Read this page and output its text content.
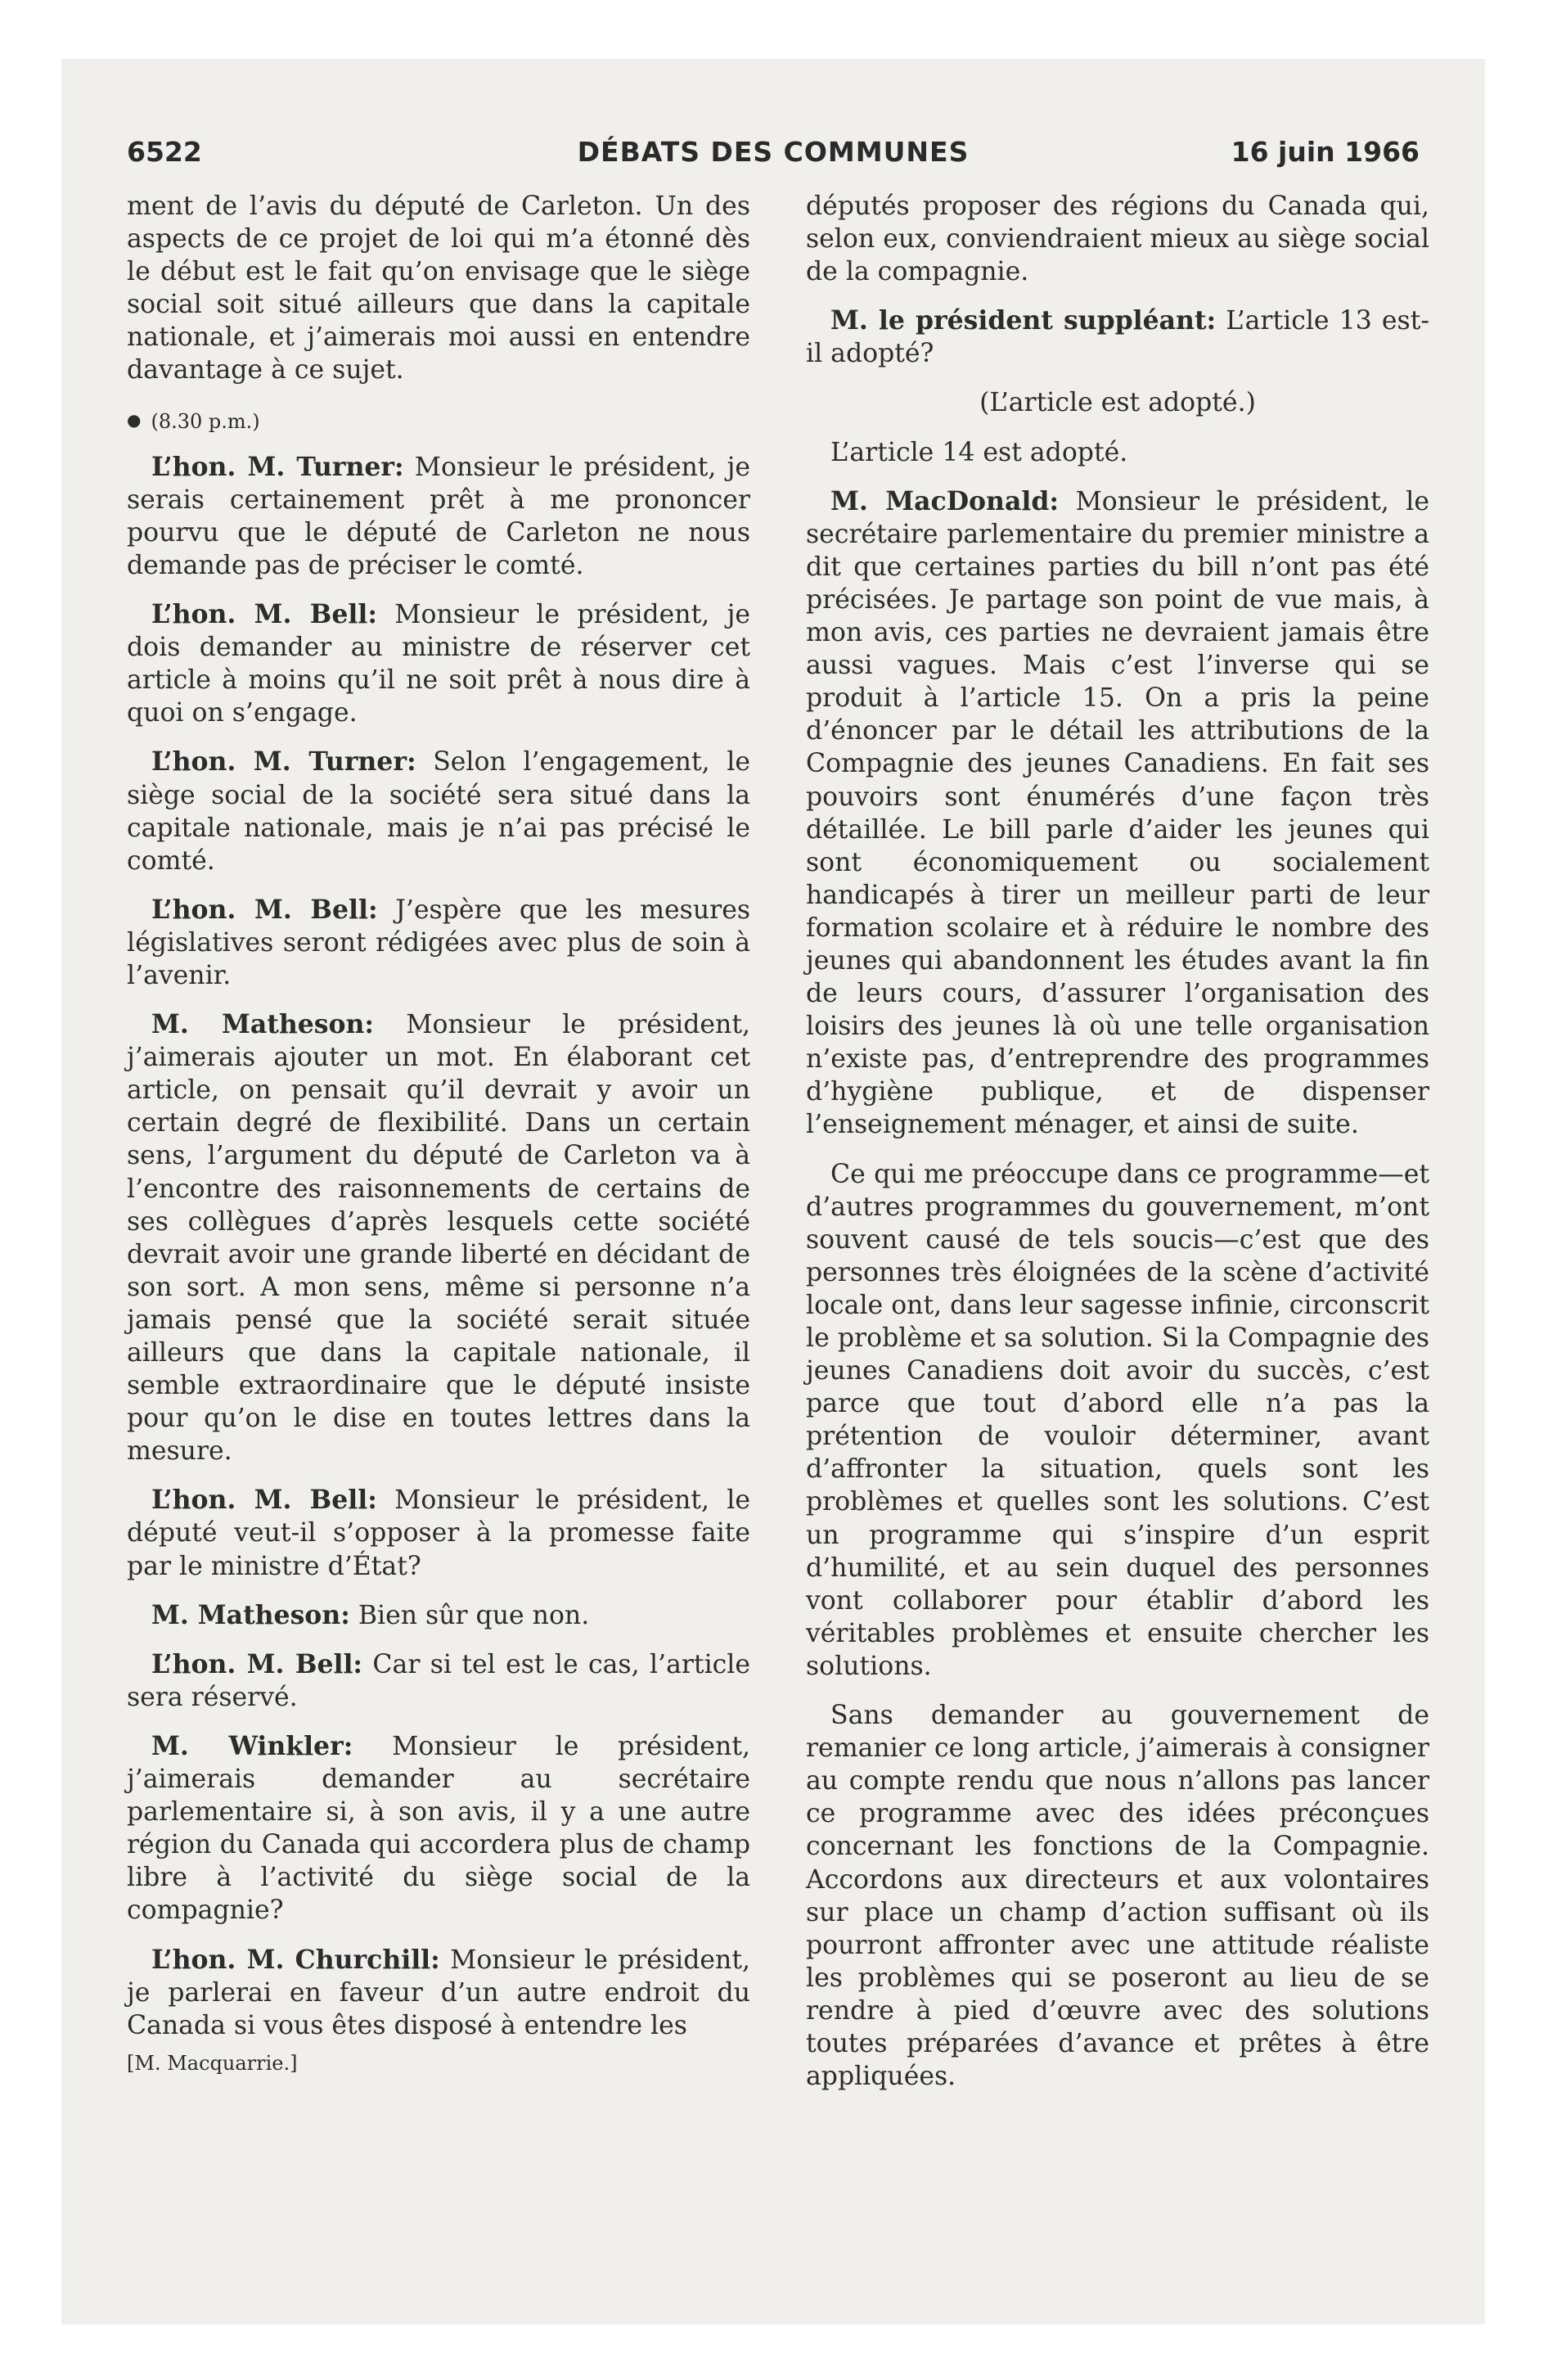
6522	DÉBATS DES COMMUNES	16 juin 1966

ment de l’avis du député de Carleton. Un des aspects de ce projet de loi qui m’a étonné dès le début est le fait qu’on envisage que le siège social soit situé ailleurs que dans la capitale nationale, et j’aimerais moi aussi en entendre davantage à ce sujet.

● (8.30 p.m.)

L’hon. M. Turner: Monsieur le président, je serais certainement prêt à me prononcer pourvu que le député de Carleton ne nous demande pas de préciser le comté.

L’hon. M. Bell: Monsieur le président, je dois demander au ministre de réserver cet article à moins qu’il ne soit prêt à nous dire à quoi on s’engage.

L’hon. M. Turner: Selon l’engagement, le siège social de la société sera situé dans la capitale nationale, mais je n’ai pas précisé le comté.

L’hon. M. Bell: J’espère que les mesures législatives seront rédigées avec plus de soin à l’avenir.

M. Matheson: Monsieur le président, j’aimerais ajouter un mot. En élaborant cet article, on pensait qu’il devrait y avoir un certain degré de flexibilité. Dans un certain sens, l’argument du député de Carleton va à l’encontre des raisonnements de certains de ses collègues d’après lesquels cette société devrait avoir une grande liberté en décidant de son sort. A mon sens, même si personne n’a jamais pensé que la société serait située ailleurs que dans la capitale nationale, il semble extraordinaire que le député insiste pour qu’on le dise en toutes lettres dans la mesure.

L’hon. M. Bell: Monsieur le président, le député veut-il s’opposer à la promesse faite par le ministre d’État?

M. Matheson: Bien sûr que non.

L’hon. M. Bell: Car si tel est le cas, l’article sera réservé.

M. Winkler: Monsieur le président, j’aimerais demander au secrétaire parlementaire si, à son avis, il y a une autre région du Canada qui accordera plus de champ libre à l’activité du siège social de la compagnie?

L’hon. M. Churchill: Monsieur le président, je parlerai en faveur d’un autre endroit du Canada si vous êtes disposé à entendre les

[M. Macquarrie.]

députés proposer des régions du Canada qui, selon eux, conviendraient mieux au siège social de la compagnie.

M. le président suppléant: L’article 13 est-il adopté?

(L’article est adopté.)

L’article 14 est adopté.

M. MacDonald: Monsieur le président, le secrétaire parlementaire du premier ministre a dit que certaines parties du bill n’ont pas été précisées. Je partage son point de vue mais, à mon avis, ces parties ne devraient jamais être aussi vagues. Mais c’est l’inverse qui se produit à l’article 15. On a pris la peine d’énoncer par le détail les attributions de la Compagnie des jeunes Canadiens. En fait ses pouvoirs sont énumérés d’une façon très détaillée. Le bill parle d’aider les jeunes qui sont économiquement ou socialement handicapés à tirer un meilleur parti de leur formation scolaire et à réduire le nombre des jeunes qui abandonnent les études avant la fin de leurs cours, d’assurer l’organisation des loisirs des jeunes là où une telle organisation n’existe pas, d’entreprendre des programmes d’hygiène publique, et de dispenser l’enseignement ménager, et ainsi de suite.

Ce qui me préoccupe dans ce programme—et d’autres programmes du gouvernement, m’ont souvent causé de tels soucis—c’est que des personnes très éloignées de la scène d’activité locale ont, dans leur sagesse infinie, circonscrit le problème et sa solution. Si la Compagnie des jeunes Canadiens doit avoir du succès, c’est parce que tout d’abord elle n’a pas la prétention de vouloir déterminer, avant d’affronter la situation, quels sont les problèmes et quelles sont les solutions. C’est un programme qui s’inspire d’un esprit d’humilité, et au sein duquel des personnes vont collaborer pour établir d’abord les véritables problèmes et ensuite chercher les solutions.

Sans demander au gouvernement de remanier ce long article, j’aimerais à consigner au compte rendu que nous n’allons pas lancer ce programme avec des idées préconçues concernant les fonctions de la Compagnie. Accordons aux directeurs et aux volontaires sur place un champ d’action suffisant où ils pourront affronter avec une attitude réaliste les problèmes qui se poseront au lieu de se rendre à pied d’œuvre avec des solutions toutes préparées d’avance et prêtes à être appliquées.
